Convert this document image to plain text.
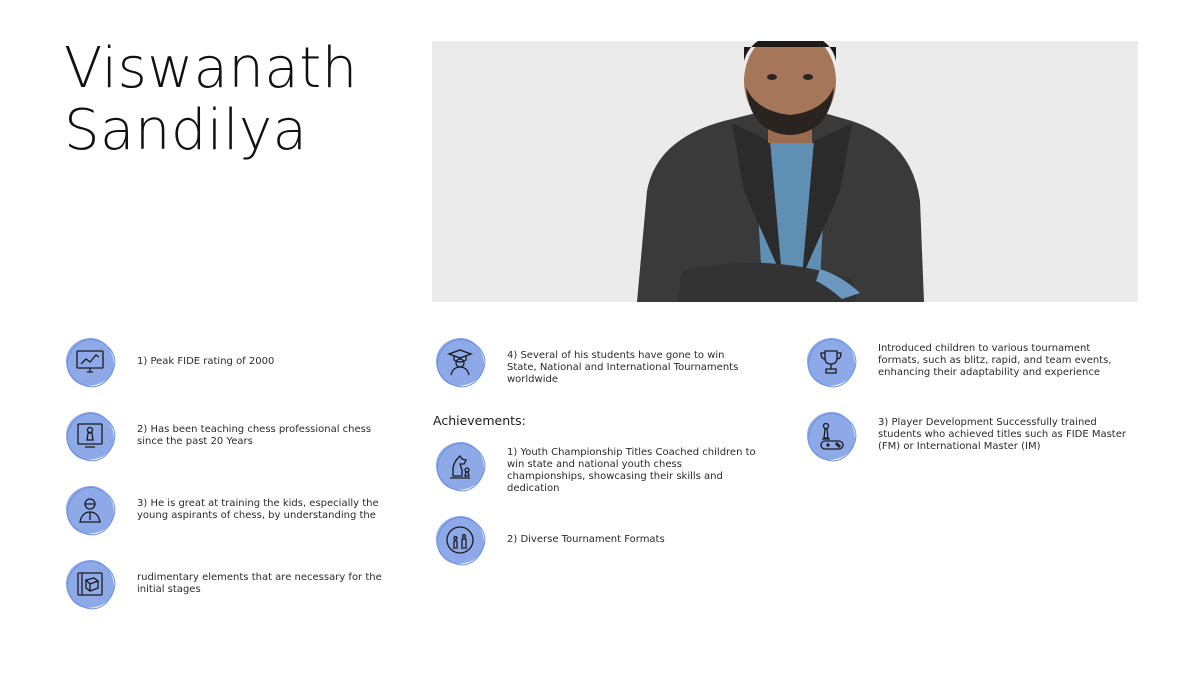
Viswanath
Sandilya
1) Peak FIDE rating of 2000
2) Has been teaching chess professional chess since the past 20 Years
3) He is great at training the kids, especially the young aspirants of chess, by understanding the
rudimentary elements that are necessary for the initial stages
4) Several of his students have gone to win State, National and International Tournaments worldwide
Achievements:
1) Youth Championship Titles Coached children to win state and national youth chess championships, showcasing their skills and dedication
2) Diverse Tournament Formats
Introduced children to various tournament formats, such as blitz, rapid, and team events, enhancing their adaptability and experience
3) Player Development Successfully trained students who achieved titles such as FIDE Master (FM) or International Master (IM)
